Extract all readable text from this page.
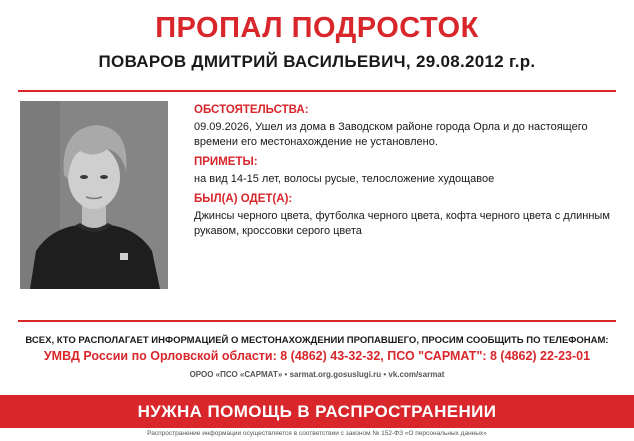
ПРОПАЛ ПОДРОСТОК
ПОВАРОВ ДМИТРИЙ ВАСИЛЬЕВИЧ, 29.08.2012 г.р.
ОБСТОЯТЕЛЬСТВА:
09.09.2026, Ушел из дома в Заводском районе города Орла и до настоящего времени его местонахождение не установлено.
ПРИМЕТЫ:
на вид 14-15 лет, волосы русые, телосложение худощавое
БЫЛ(А) ОДЕТ(А):
Джинсы черного цвета, футболка черного цвета, кофта черного цвета с длинным рукавом, кроссовки серого цвета
ВСЕХ, КТО РАСПОЛАГАЕТ ИНФОРМАЦИЕЙ О МЕСТОНАХОЖДЕНИИ ПРОПАВШЕГО, ПРОСИМ СООБЩИТЬ ПО ТЕЛЕФОНАМ:
УМВД России по Орловской области: 8 (4862) 43-32-32, ПСО "САРМАТ": 8 (4862) 22-23-01
ОРОО «ПСО «САРМАТ» • sarmat.org.gosuslugi.ru • vk.com/sarmat
НУЖНА ПОМОЩЬ В РАСПРОСТРАНЕНИИ
Распространение информации осуществляется в соответствии с законом № 152-ФЗ «О персональных данных»
